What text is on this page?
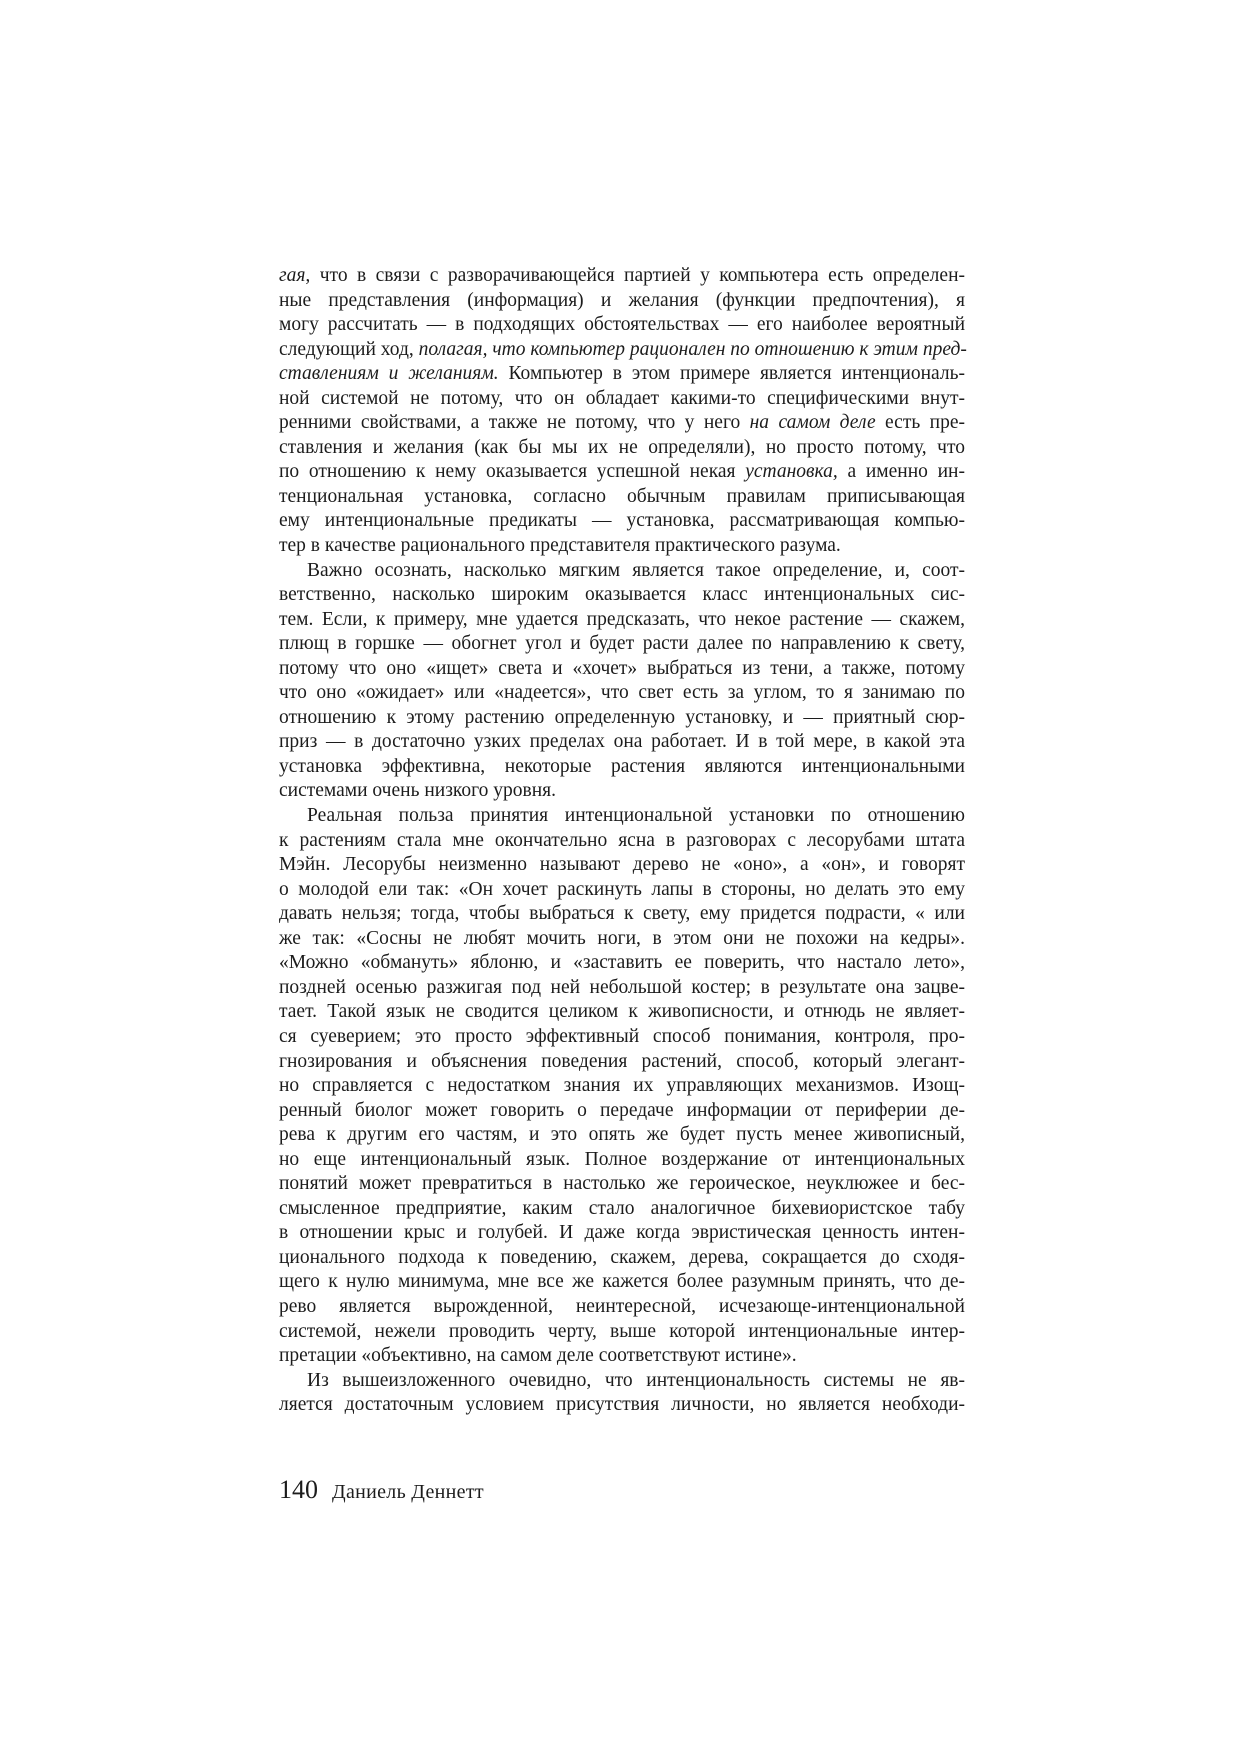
гая, что в связи с разворачивающейся партией у компьютера есть определен-
ные представления (информация) и желания (функции предпочтения), я
могу рассчитать — в подходящих обстоятельствах — его наиболее вероятный
следующий ход, полагая, что компьютер рационален по отношению к этим пред-
ставлениям и желаниям. Компьютер в этом примере является интенциональ-
ной системой не потому, что он обладает какими-то специфическими внут-
ренними свойствами, а также не потому, что у него на самом деле есть пре-
ставления и желания (как бы мы их не определяли), но просто потому, что
по отношению к нему оказывается успешной некая установка, а именно ин-
тенциональная установка, согласно обычным правилам приписывающая
ему интенциональные предикаты — установка, рассматривающая компью-
тер в качестве рационального представителя практического разума.
Важно осознать, насколько мягким является такое определение, и, соот-
ветственно, насколько широким оказывается класс интенциональных сис-
тем. Если, к примеру, мне удается предсказать, что некое растение — скажем,
плющ в горшке — обогнет угол и будет расти далее по направлению к свету,
потому что оно «ищет» света и «хочет» выбраться из тени, а также, потому
что оно «ожидает» или «надеется», что свет есть за углом, то я занимаю по
отношению к этому растению определенную установку, и — приятный сюр-
приз — в достаточно узких пределах она работает. И в той мере, в какой эта
установка эффективна, некоторые растения являются интенциональными
системами очень низкого уровня.
Реальная польза принятия интенциональной установки по отношению
к растениям стала мне окончательно ясна в разговорах с лесорубами штата
Мэйн. Лесорубы неизменно называют дерево не «оно», а «он», и говорят
о молодой ели так: «Он хочет раскинуть лапы в стороны, но делать это ему
давать нельзя; тогда, чтобы выбраться к свету, ему придется подрасти, « или
же так: «Сосны не любят мочить ноги, в этом они не похожи на кедры».
«Можно «обмануть» яблоню, и «заставить ее поверить, что настало лето»,
поздней осенью разжигая под ней небольшой костер; в результате она зацве-
тает. Такой язык не сводится целиком к живописности, и отнюдь не являет-
ся суеверием; это просто эффективный способ понимания, контроля, про-
гнозирования и объяснения поведения растений, способ, который элегант-
но справляется с недостатком знания их управляющих механизмов. Изощ-
ренный биолог может говорить о передаче информации от периферии де-
рева к другим его частям, и это опять же будет пусть менее живописный,
но еще интенциональный язык. Полное воздержание от интенциональных
понятий может превратиться в настолько же героическое, неуклюжее и бес-
смысленное предприятие, каким стало аналогичное бихевиористское табу
в отношении крыс и голубей. И даже когда эвристическая ценность интен-
ционального подхода к поведению, скажем, дерева, сокращается до сходя-
щего к нулю минимума, мне все же кажется более разумным принять, что де-
рево является вырожденной, неинтересной, исчезающе-интенциональной
системой, нежели проводить черту, выше которой интенциональные интер-
претации «объективно, на самом деле соответствуют истине».
Из вышеизложенного очевидно, что интенциональность системы не яв-
ляется достаточным условием присутствия личности, но является необходи-
140 Даниель Деннетт
